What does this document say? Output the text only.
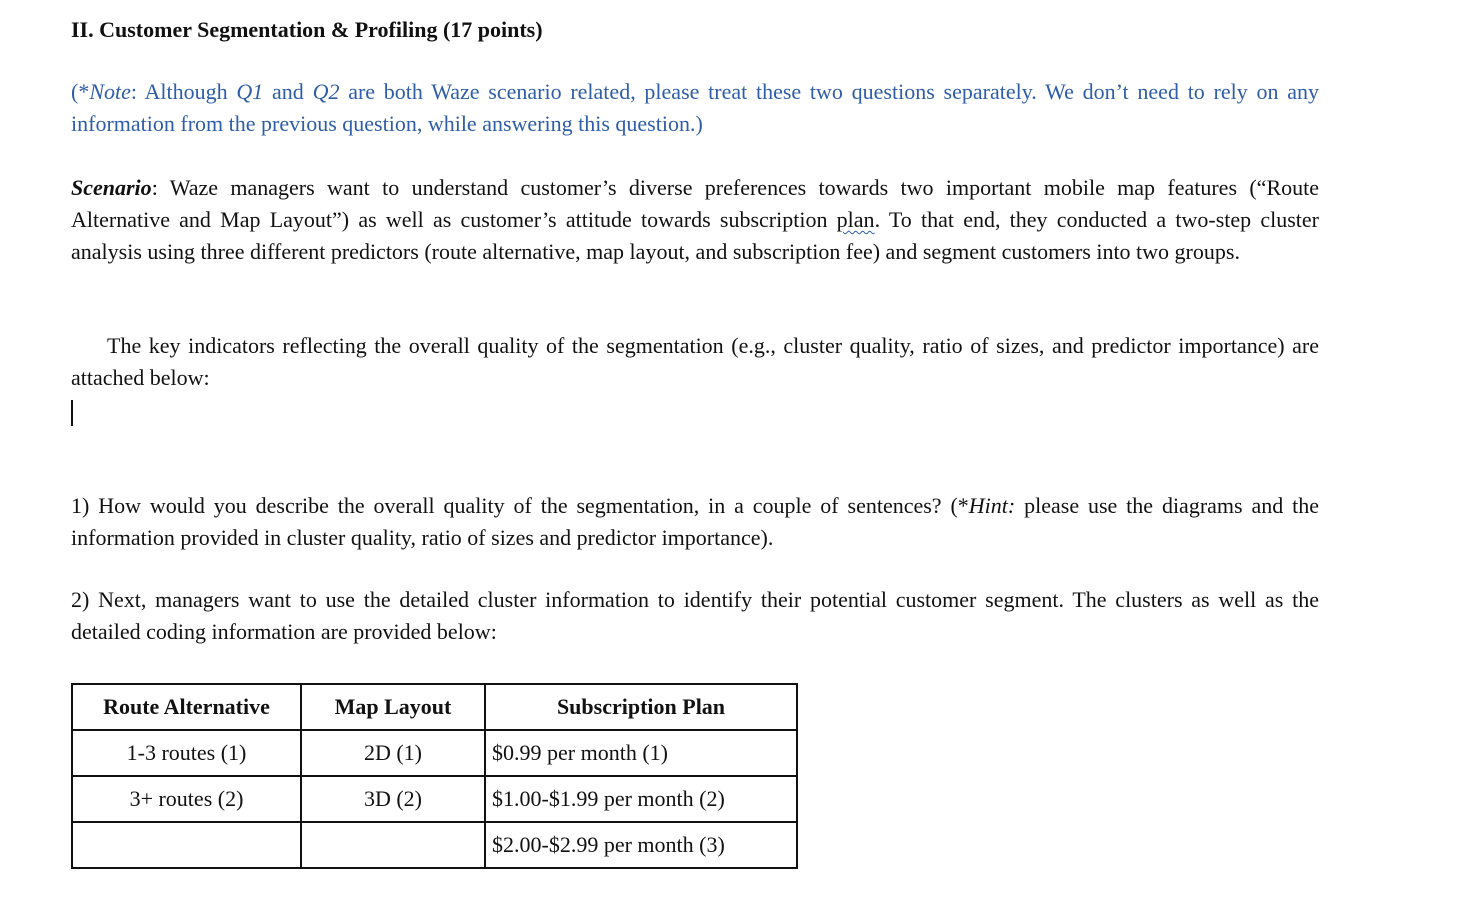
II. Customer Segmentation & Profiling (17 points)
(*Note: Although Q1 and Q2 are both Waze scenario related, please treat these two questions separately. We don’t need to rely on any information from the previous question, while answering this question.)
Scenario: Waze managers want to understand customer’s diverse preferences towards two important mobile map features (“Route Alternative and Map Layout”) as well as customer’s attitude towards subscription plan. To that end, they conducted a two-step cluster analysis using three different predictors (route alternative, map layout, and subscription fee) and segment customers into two groups.
The key indicators reflecting the overall quality of the segmentation (e.g., cluster quality, ratio of sizes, and predictor importance) are attached below:
1) How would you describe the overall quality of the segmentation, in a couple of sentences? (*Hint: please use the diagrams and the information provided in cluster quality, ratio of sizes and predictor importance).
2) Next, managers want to use the detailed cluster information to identify their potential customer segment. The clusters as well as the detailed coding information are provided below:
Route Alternative	Map Layout	Subscription Plan
1-3 routes (1)	2D (1)	$0.99 per month (1)
3+ routes (2)	3D (2)	$1.00-$1.99 per month (2)
		$2.00-$2.99 per month (3)
